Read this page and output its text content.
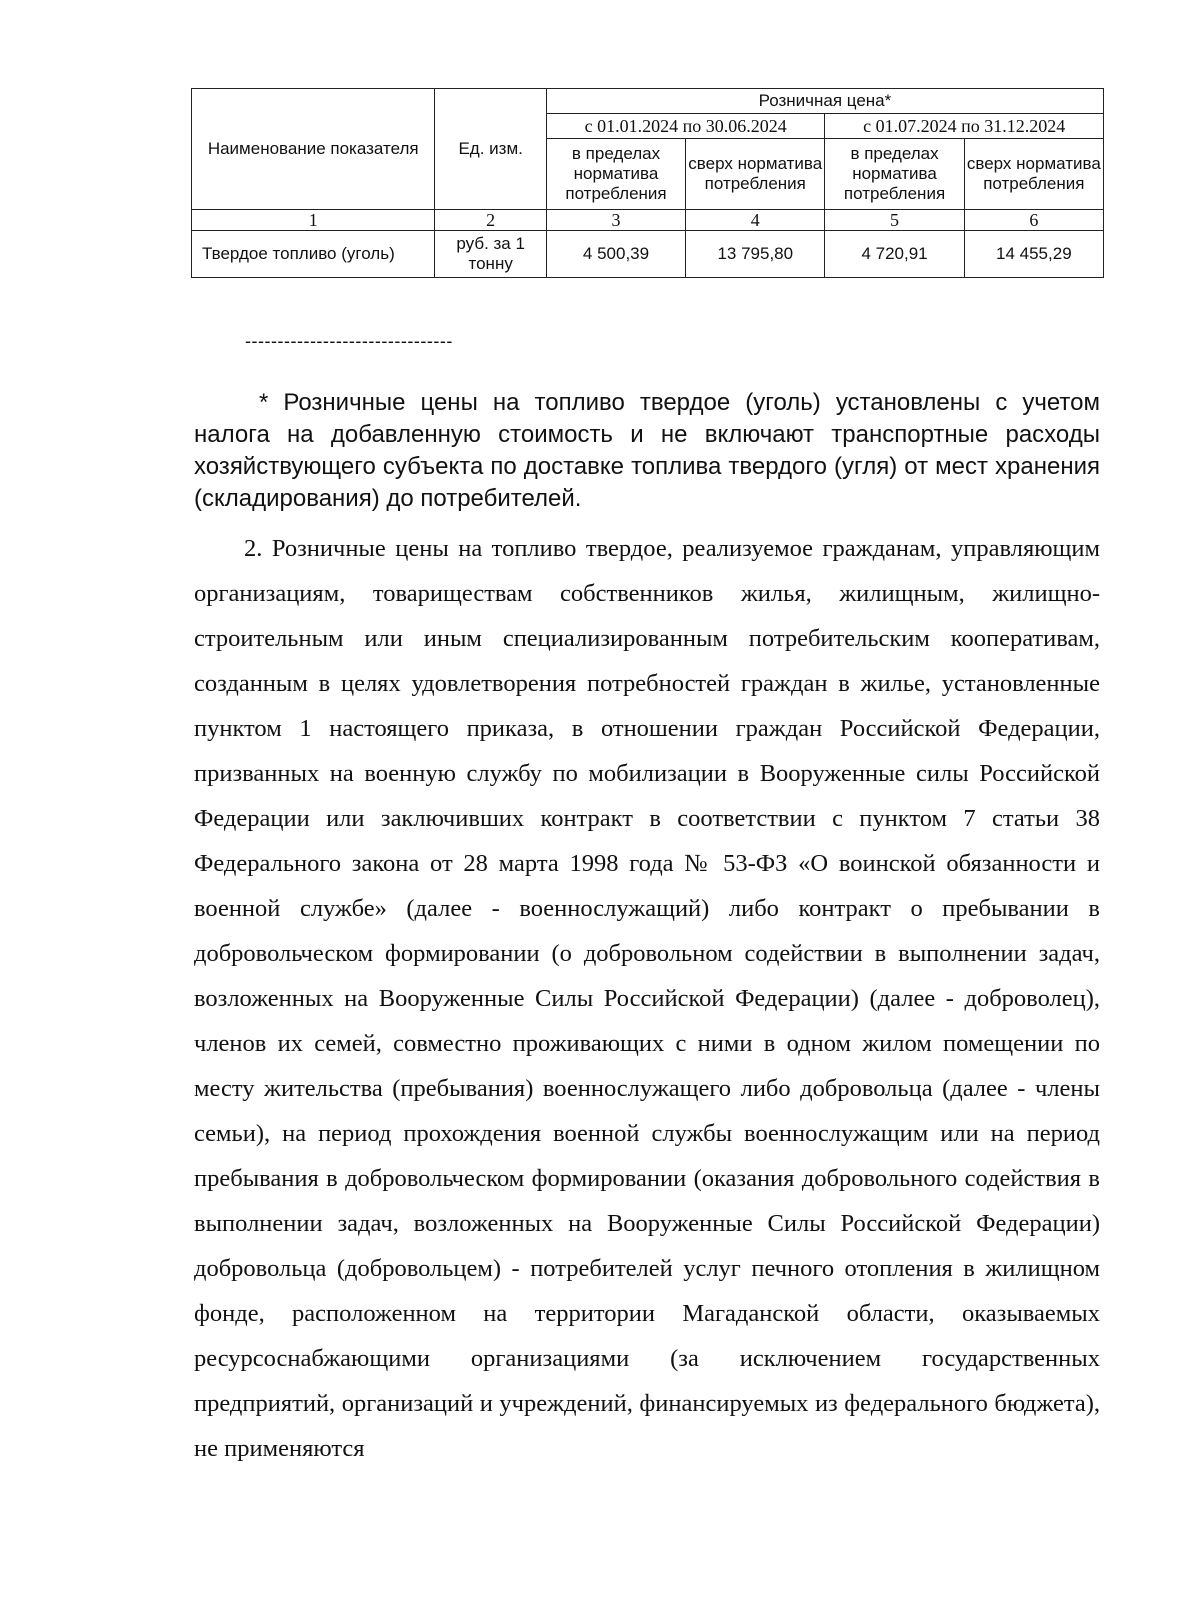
Наименование показателя	Ед. изм.	Розничная цена*			
		с 01.01.2024 по 30.06.2024		с 01.07.2024 по 31.12.2024	
		в пределах норматива потребления	сверх норматива потребления	в пределах норматива потребления	сверх норматива потребления
1	2	3	4	5	6
Твердое топливо (уголь)	руб. за 1 тонну	4 500,39	13 795,80	4 720,91	14 455,29
--------------------------------

* Розничные цены на топливо твердое (уголь) установлены с учетом налога на добавленную стоимость и не включают транспортные расходы хозяйствующего субъекта по доставке топлива твердого (угля) от мест хранения (складирования) до потребителей.

2. Розничные цены на топливо твердое, реализуемое гражданам, управляющим организациям, товариществам собственников жилья, жилищным, жилищно-строительным или иным специализированным потребительским кооперативам, созданным в целях удовлетворения потребностей граждан в жилье, установленные пунктом 1 настоящего приказа, в отношении граждан Российской Федерации, призванных на военную службу по мобилизации в Вооруженные силы Российской Федерации или заключивших контракт в соответствии с пунктом 7 статьи 38 Федерального закона от 28 марта 1998 года № 53-ФЗ «О воинской обязанности и военной службе» (далее - военнослужащий) либо контракт о пребывании в добровольческом формировании (о добровольном содействии в выполнении задач, возложенных на Вооруженные Силы Российской Федерации) (далее - доброволец), членов их семей, совместно проживающих с ними в одном жилом помещении по месту жительства (пребывания) военнослужащего либо добровольца (далее - члены семьи), на период прохождения военной службы военнослужащим или на период пребывания в добровольческом формировании (оказания добровольного содействия в выполнении задач, возложенных на Вооруженные Силы Российской Федерации) добровольца (добровольцем) - потребителей услуг печного отопления в жилищном фонде, расположенном на территории Магаданской области, оказываемых ресурсоснабжающими организациями (за исключением государственных предприятий, организаций и учреждений, финансируемых из федерального бюджета), не применяются
